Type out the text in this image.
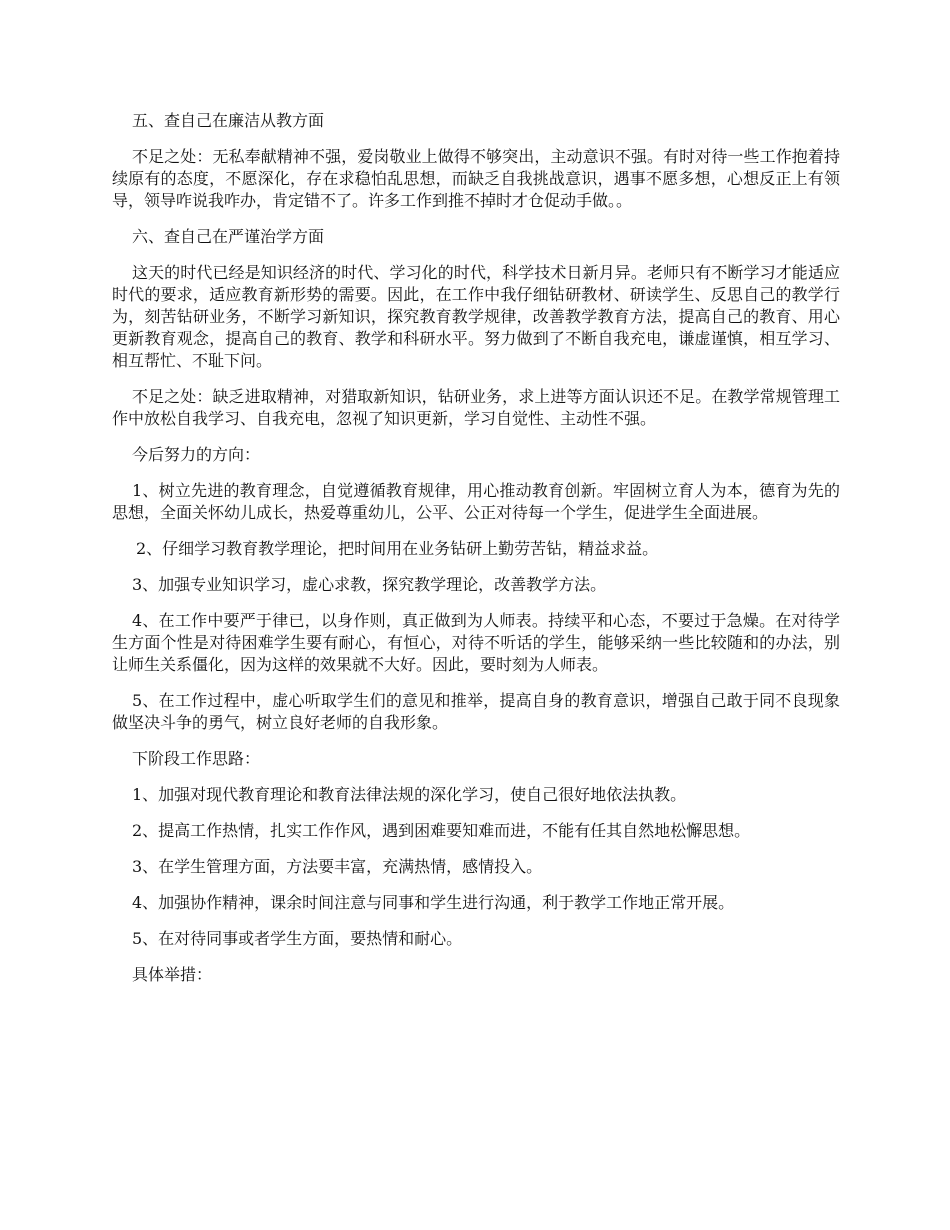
五、查自己在廉洁从教方面

不足之处：无私奉献精神不强，爱岗敬业上做得不够突出，主动意识不强。有时对待一些工作抱着持续原有的态度，不愿深化，存在求稳怕乱思想，而缺乏自我挑战意识，遇事不愿多想，心想反正上有领导，领导咋说我咋办，肯定错不了。许多工作到推不掉时才仓促动手做。。

六、查自己在严谨治学方面

这天的时代已经是知识经济的时代、学习化的时代，科学技术日新月异。老师只有不断学习才能适应时代的要求，适应教育新形势的需要。因此，在工作中我仔细钻研教材、研读学生、反思自己的教学行为，刻苦钻研业务，不断学习新知识，探究教育教学规律，改善教学教育方法，提高自己的教育、用心更新教育观念，提高自己的教育、教学和科研水平。努力做到了不断自我充电，谦虚谨慎，相互学习、相互帮忙、不耻下问。

不足之处：缺乏进取精神，对猎取新知识，钻研业务，求上进等方面认识还不足。在教学常规管理工作中放松自我学习、自我充电，忽视了知识更新，学习自觉性、主动性不强。

今后努力的方向：

1、树立先进的教育理念，自觉遵循教育规律，用心推动教育创新。牢固树立育人为本，德育为先的思想，全面关怀幼儿成长，热爱尊重幼儿，公平、公正对待每一个学生，促进学生全面进展。

2、仔细学习教育教学理论，把时间用在业务钻研上勤劳苦钻，精益求益。

3、加强专业知识学习，虚心求教，探究教学理论，改善教学方法。

4、在工作中要严于律已，以身作则，真正做到为人师表。持续平和心态，不要过于急燥。在对待学生方面个性是对待困难学生要有耐心，有恒心，对待不听话的学生，能够采纳一些比较随和的办法，别让师生关系僵化，因为这样的效果就不大好。因此，要时刻为人师表。

5、在工作过程中，虚心听取学生们的意见和推举，提高自身的教育意识，增强自己敢于同不良现象做坚决斗争的勇气，树立良好老师的自我形象。

下阶段工作思路：

1、加强对现代教育理论和教育法律法规的深化学习，使自己很好地依法执教。

2、提高工作热情，扎实工作作风，遇到困难要知难而进，不能有任其自然地松懈思想。

3、在学生管理方面，方法要丰富，充满热情，感情投入。

4、加强协作精神，课余时间注意与同事和学生进行沟通，利于教学工作地正常开展。

5、在对待同事或者学生方面，要热情和耐心。

具体举措：
